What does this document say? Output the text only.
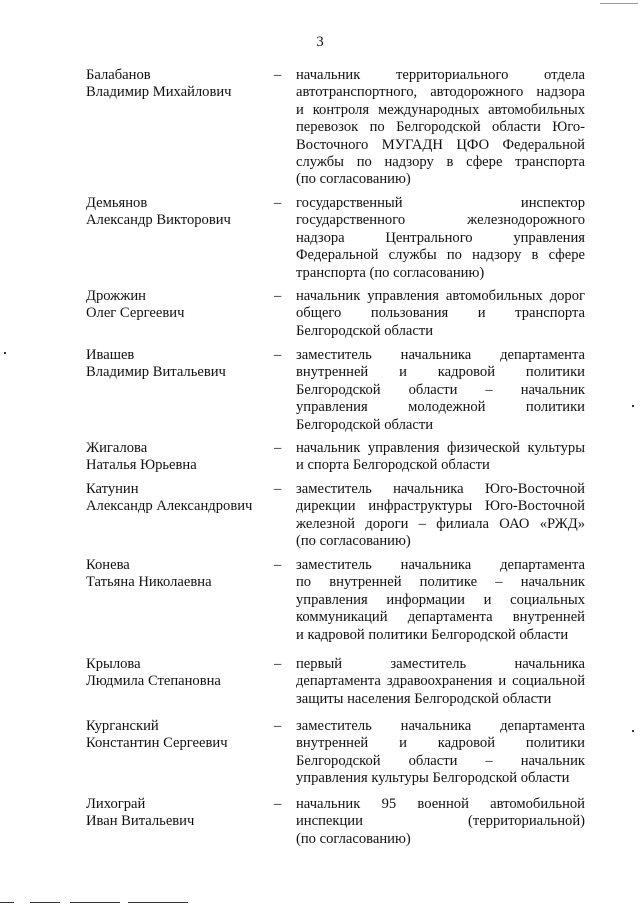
3
Балабанов
Владимир Михайлович
– начальник территориального отдела
автотранспортного, автодорожного надзора
и контроля международных автомобильных
перевозок по Белгородской области Юго-
Восточного МУГАДН ЦФО Федеральной
службы по надзору в сфере транспорта
(по согласованию)
Демьянов
Александр Викторович
– государственный инспектор
государственного железнодорожного
надзора Центрального управления
Федеральной службы по надзору в сфере
транспорта (по согласованию)
Дрожжин
Олег Сергеевич
– начальник управления автомобильных дорог
общего пользования и транспорта
Белгородской области
Ивашев
Владимир Витальевич
– заместитель начальника департамента
внутренней и кадровой политики
Белгородской области – начальник
управления молодежной политики
Белгородской области
Жигалова
Наталья Юрьевна
– начальник управления физической культуры
и спорта Белгородской области
Катунин
Александр Александрович
– заместитель начальника Юго-Восточной
дирекции инфраструктуры Юго-Восточной
железной дороги – филиала ОАО «РЖД»
(по согласованию)
Конева
Татьяна Николаевна
– заместитель начальника департамента
по внутренней политике – начальник
управления информации и социальных
коммуникаций департамента внутренней
и кадровой политики Белгородской области
Крылова
Людмила Степановна
– первый заместитель начальника
департамента здравоохранения и социальной
защиты населения Белгородской области
Курганский
Константин Сергеевич
– заместитель начальника департамента
внутренней и кадровой политики
Белгородской области – начальник
управления культуры Белгородской области
Лихограй
Иван Витальевич
– начальник 95 военной автомобильной
инспекции (территориальной)
(по согласованию)
